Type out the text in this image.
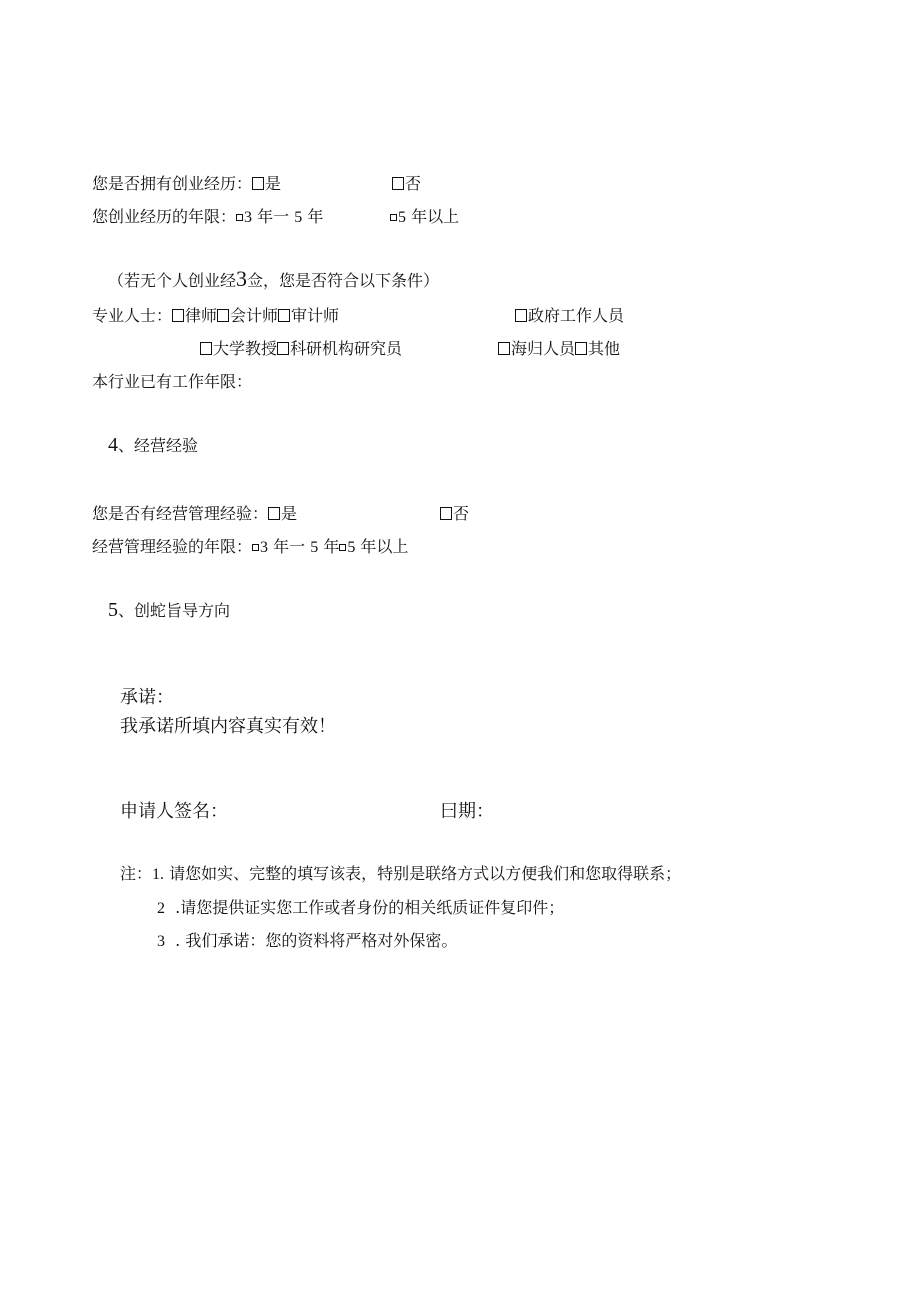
您是否拥有创业经历： 是	否
您创业经历的年限： 3 年一 5 年	5 年以上
（若无个人创业经3佥，您是否符合以下条件）
专业人士： 律师 会计师 审计师	政府工作人员
大学教授 科研机构研究员	海归人员 其他
本行业已有工作年限：
4、经营经验
您是否有经营管理经验： 是	否
经营管理经验的年限： 3 年一 5 年 5 年以上
5、创蛇旨导方向
承诺：
我承诺所填内容真实有效！
申请人签名：	曰期：
注：1. 请您如实、完整的填写该表，特别是联络方式以方便我们和您取得联系；
2 .请您提供证实您工作或者身份的相关纸质证件复印件；
3 . 我们承诺：您的资料将严格对外保密。
